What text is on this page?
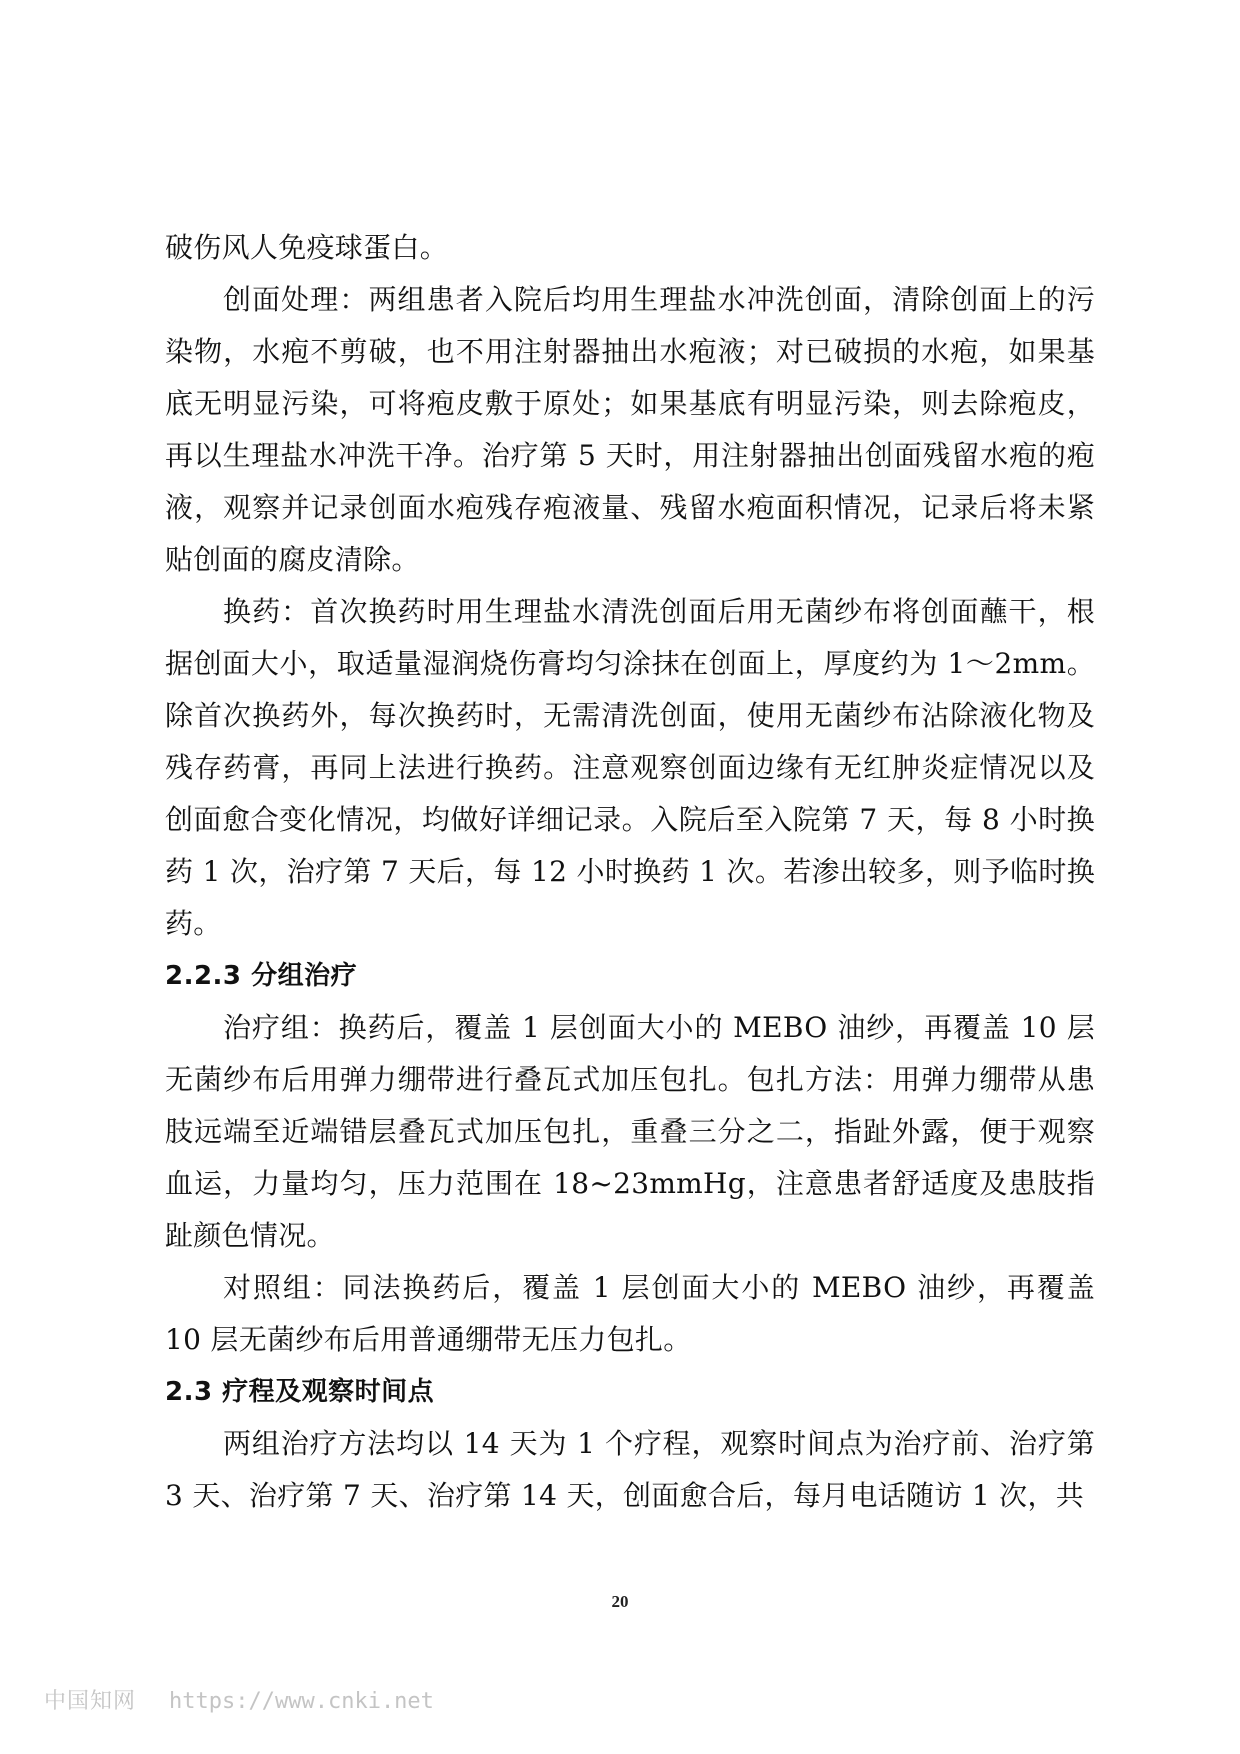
破伤风人免疫球蛋白。

创面处理：两组患者入院后均用生理盐水冲洗创面，清除创面上的污染物，水疱不剪破，也不用注射器抽出水疱液；对已破损的水疱，如果基底无明显污染，可将疱皮敷于原处；如果基底有明显污染，则去除疱皮，再以生理盐水冲洗干净。治疗第 5 天时，用注射器抽出创面残留水疱的疱液，观察并记录创面水疱残存疱液量、残留水疱面积情况，记录后将未紧贴创面的腐皮清除。

换药：首次换药时用生理盐水清洗创面后用无菌纱布将创面蘸干，根据创面大小，取适量湿润烧伤膏均匀涂抹在创面上，厚度约为 1～2mm。除首次换药外，每次换药时，无需清洗创面，使用无菌纱布沾除液化物及残存药膏，再同上法进行换药。注意观察创面边缘有无红肿炎症情况以及创面愈合变化情况，均做好详细记录。入院后至入院第 7 天，每 8 小时换药 1 次，治疗第 7 天后，每 12 小时换药 1 次。若渗出较多，则予临时换药。

2.2.3 分组治疗

治疗组：换药后，覆盖 1 层创面大小的 MEBO 油纱，再覆盖 10 层无菌纱布后用弹力绷带进行叠瓦式加压包扎。包扎方法：用弹力绷带从患肢远端至近端错层叠瓦式加压包扎，重叠三分之二，指趾外露，便于观察血运，力量均匀，压力范围在 18~23mmHg，注意患者舒适度及患肢指趾颜色情况。

对照组：同法换药后，覆盖 1 层创面大小的 MEBO 油纱，再覆盖 10 层无菌纱布后用普通绷带无压力包扎。

2.3 疗程及观察时间点

两组治疗方法均以 14 天为 1 个疗程，观察时间点为治疗前、治疗第 3 天、治疗第 7 天、治疗第 14 天，创面愈合后，每月电话随访 1 次，共

20
中国知网 https://www.cnki.net
